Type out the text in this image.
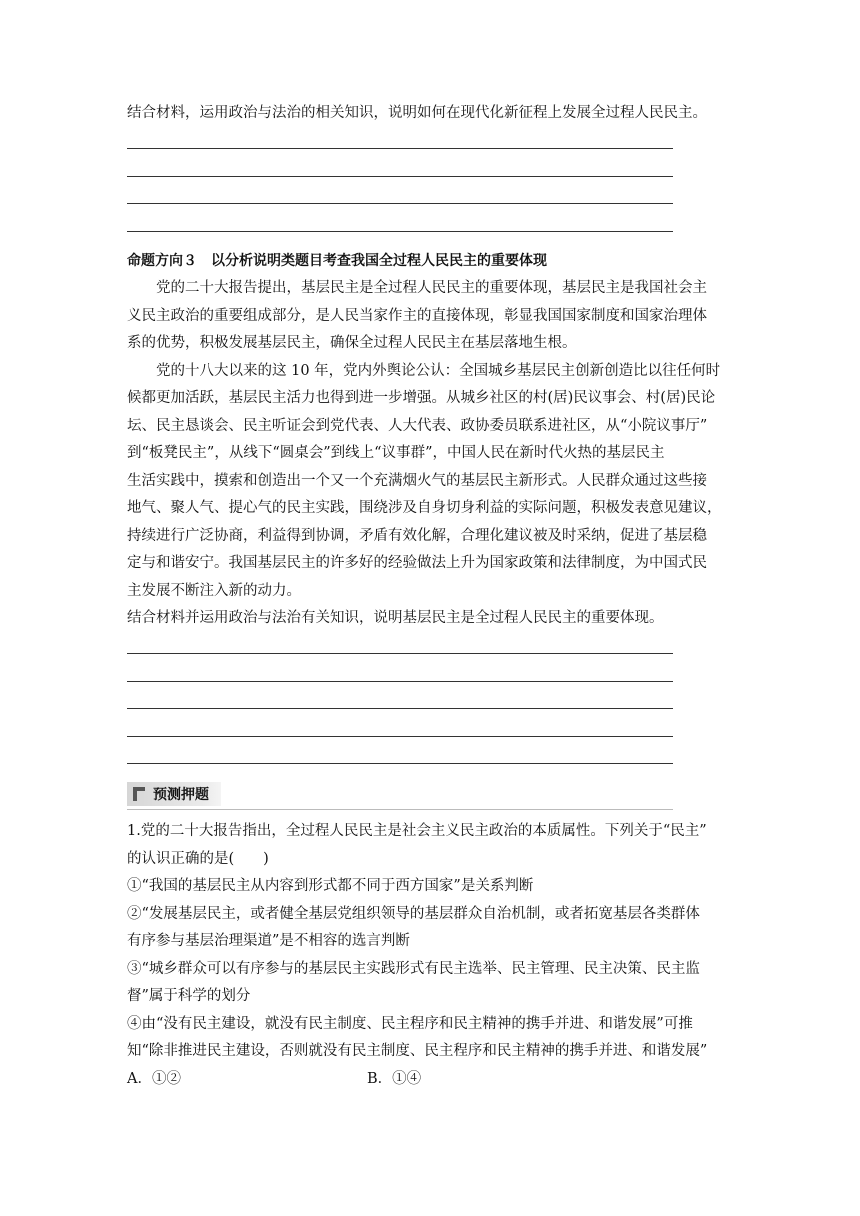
结合材料，运用政治与法治的相关知识，说明如何在现代化新征程上发展全过程人民民主。

命题方向３　以分析说明类题目考查我国全过程人民民主的重要体现

党的二十大报告提出，基层民主是全过程人民民主的重要体现，基层民主是我国社会主

义民主政治的重要组成部分，是人民当家作主的直接体现，彰显我国国家制度和国家治理体

系的优势，积极发展基层民主，确保全过程人民民主在基层落地生根。

党的十八大以来的这 10 年，党内外舆论公认：全国城乡基层民主创新创造比以往任何时

候都更加活跃，基层民主活力也得到进一步增强。从城乡社区的村(居)民议事会、村(居)民论

坛、民主恳谈会、民主听证会到党代表、人大代表、政协委员联系进社区，从“小院议事厅”

到“板凳民主”，从线下“圆桌会”到线上“议事群”，中国人民在新时代火热的基层民主

生活实践中，摸索和创造出一个又一个充满烟火气的基层民主新形式。人民群众通过这些接

地气、聚人气、提心气的民主实践，围绕涉及自身切身利益的实际问题，积极发表意见建议，

持续进行广泛协商，利益得到协调，矛盾有效化解，合理化建议被及时采纳，促进了基层稳

定与和谐安宁。我国基层民主的许多好的经验做法上升为国家政策和法律制度，为中国式民

主发展不断注入新的动力。

结合材料并运用政治与法治有关知识，说明基层民主是全过程人民民主的重要体现。

预测押题

1.党的二十大报告指出，全过程人民民主是社会主义民主政治的本质属性。下列关于“民主”

的认识正确的是(　　)

①“我国的基层民主从内容到形式都不同于西方国家”是关系判断

②“发展基层民主，或者健全基层党组织领导的基层群众自治机制，或者拓宽基层各类群体

有序参与基层治理渠道”是不相容的选言判断

③“城乡群众可以有序参与的基层民主实践形式有民主选举、民主管理、民主决策、民主监

督”属于科学的划分

④由“没有民主建设，就没有民主制度、民主程序和民主精神的携手并进、和谐发展”可推

知“除非推进民主建设，否则就没有民主制度、民主程序和民主精神的携手并进、和谐发展”

A．①②	B．①④
